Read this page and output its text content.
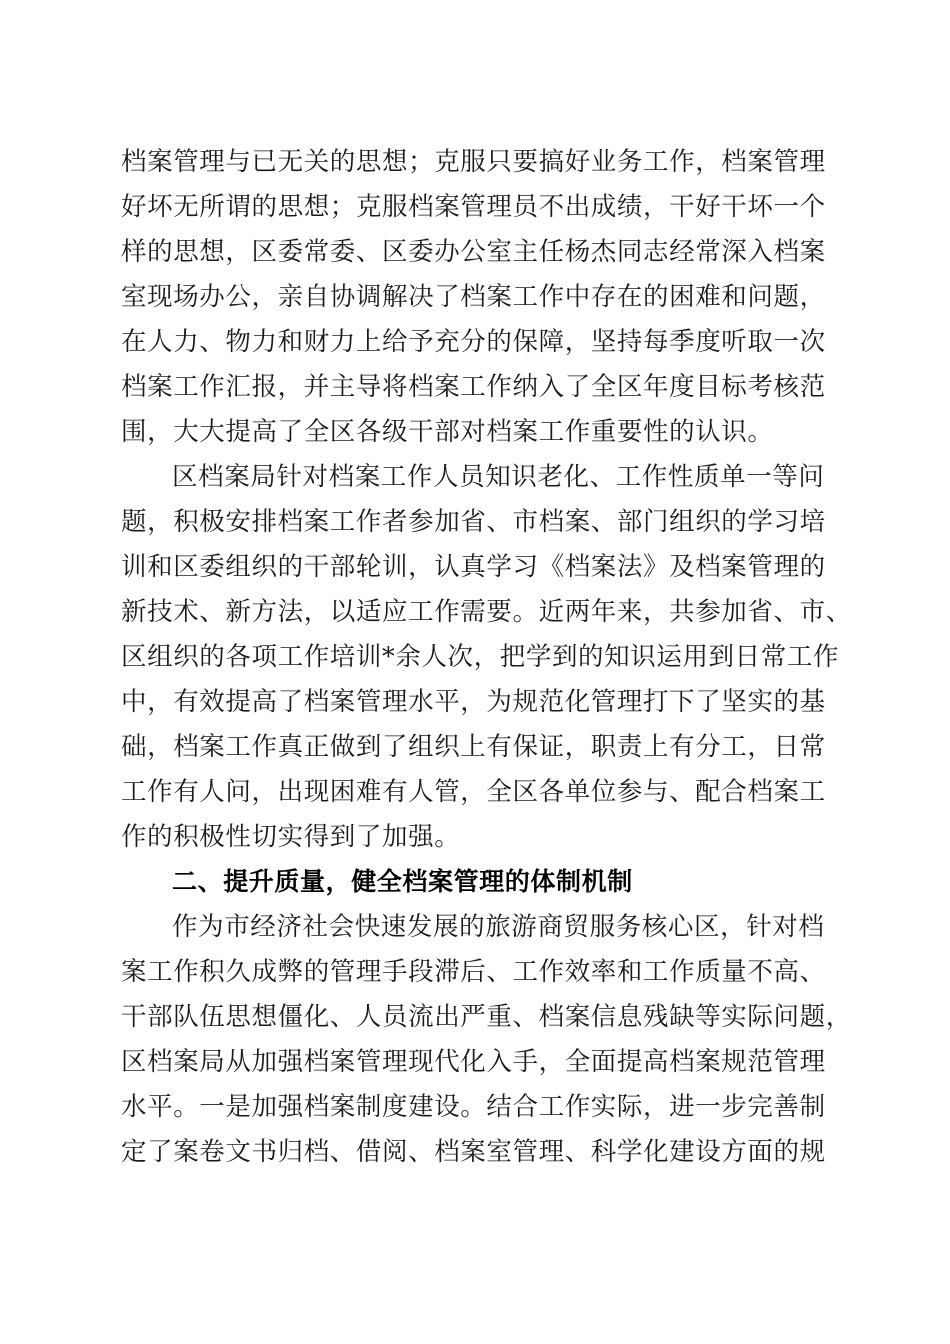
档案管理与已无关的思想；克服只要搞好业务工作，档案管理
好坏无所谓的思想；克服档案管理员不出成绩，干好干坏一个
样的思想，区委常委、区委办公室主任杨杰同志经常深入档案
室现场办公，亲自协调解决了档案工作中存在的困难和问题，
在人力、物力和财力上给予充分的保障，坚持每季度听取一次
档案工作汇报，并主导将档案工作纳入了全区年度目标考核范
围，大大提高了全区各级干部对档案工作重要性的认识。
区档案局针对档案工作人员知识老化、工作性质单一等问
题，积极安排档案工作者参加省、市档案、部门组织的学习培
训和区委组织的干部轮训，认真学习《档案法》及档案管理的
新技术、新方法，以适应工作需要。近两年来，共参加省、市、
区组织的各项工作培训*余人次，把学到的知识运用到日常工作
中，有效提高了档案管理水平，为规范化管理打下了坚实的基
础，档案工作真正做到了组织上有保证，职责上有分工，日常
工作有人问，出现困难有人管，全区各单位参与、配合档案工
作的积极性切实得到了加强。
二、提升质量，健全档案管理的体制机制
作为市经济社会快速发展的旅游商贸服务核心区，针对档
案工作积久成弊的管理手段滞后、工作效率和工作质量不高、
干部队伍思想僵化、人员流出严重、档案信息残缺等实际问题，
区档案局从加强档案管理现代化入手，全面提高档案规范管理
水平。一是加强档案制度建设。结合工作实际，进一步完善制
定了案卷文书归档、借阅、档案室管理、科学化建设方面的规
